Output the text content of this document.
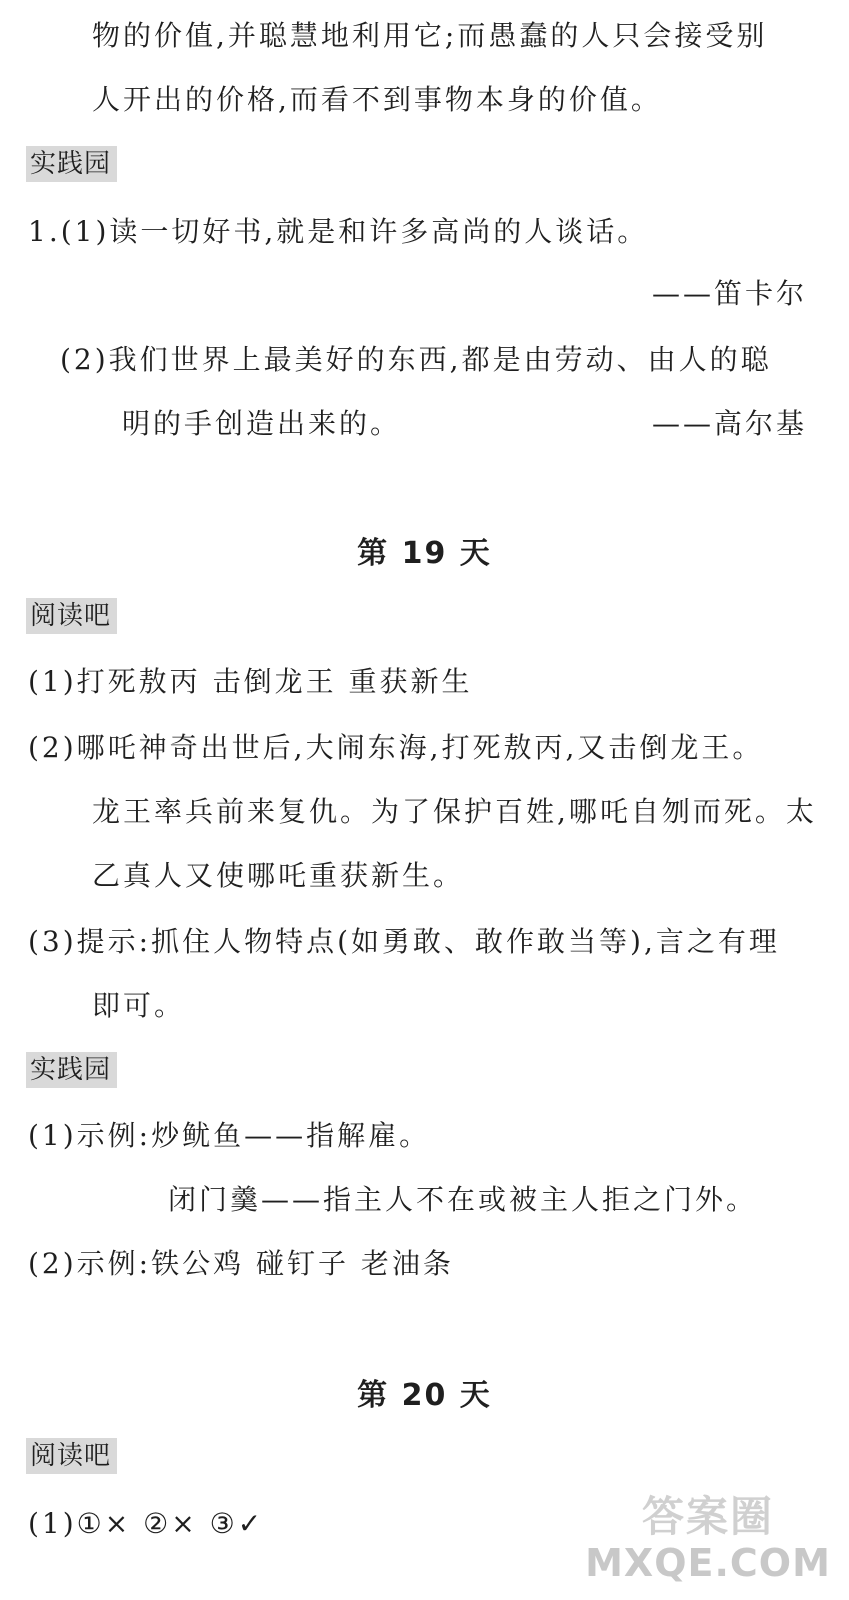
物的价值,并聪慧地利用它;而愚蠢的人只会接受别
人开出的价格,而看不到事物本身的价值。
实践园
1.(1)读一切好书,就是和许多高尚的人谈话。
——笛卡尔
(2)我们世界上最美好的东西,都是由劳动、由人的聪
明的手创造出来的。	——高尔基
第 19 天
阅读吧
(1)打死敖丙 击倒龙王 重获新生
(2)哪吒神奇出世后,大闹东海,打死敖丙,又击倒龙王。
龙王率兵前来复仇。为了保护百姓,哪吒自刎而死。太
乙真人又使哪吒重获新生。
(3)提示:抓住人物特点(如勇敢、敢作敢当等),言之有理
即可。
实践园
(1)示例:炒鱿鱼——指解雇。
闭门羹——指主人不在或被主人拒之门外。
(2)示例:铁公鸡 碰钉子 老油条
第 20 天
阅读吧
(1)①× ②× ③✓	答案圈
MXQE.COM
